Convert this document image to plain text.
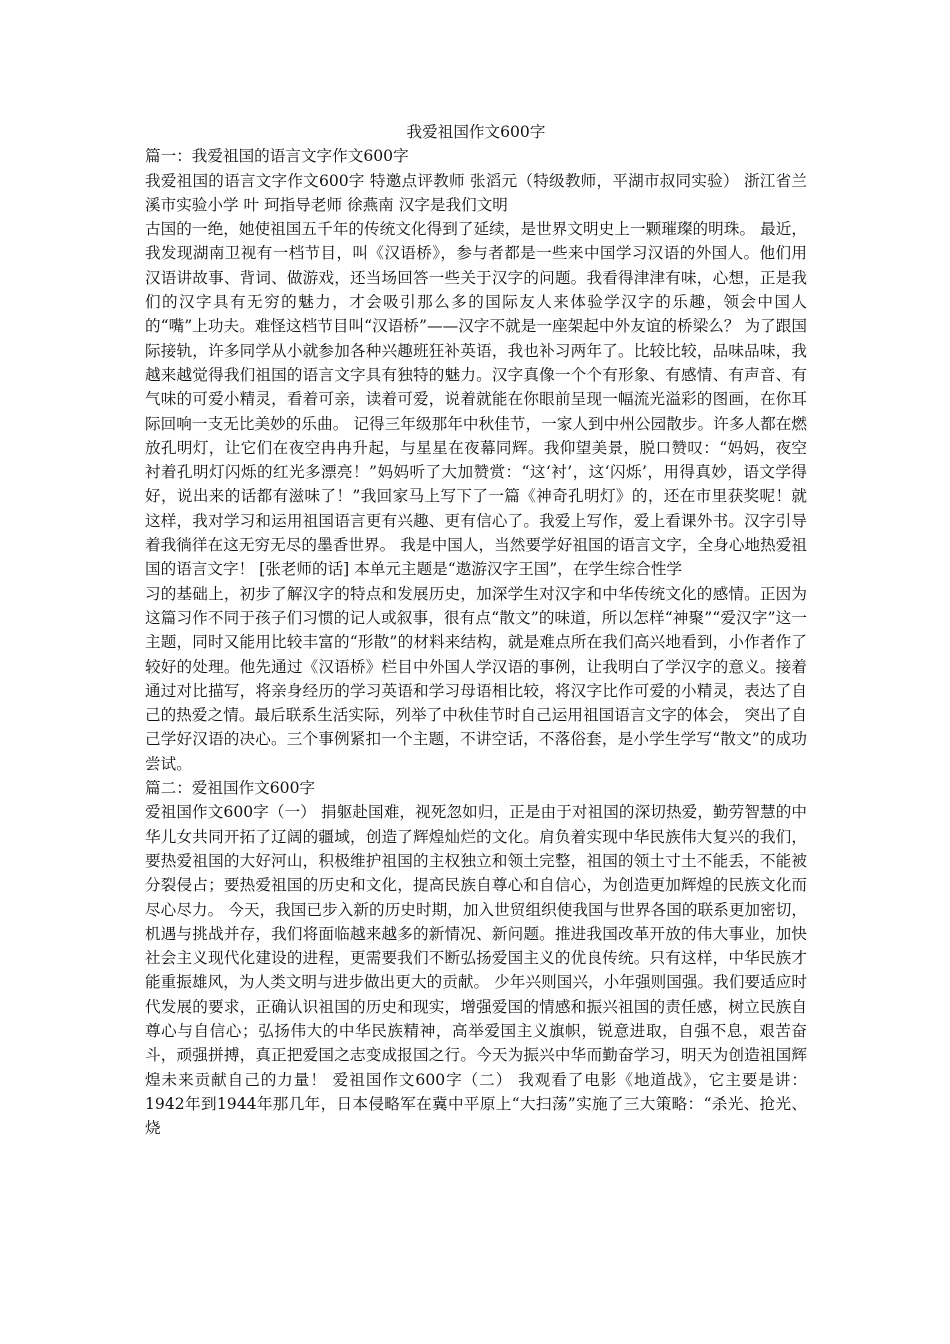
我爱祖国作文600字

篇一：我爱祖国的语言文字作文600字

我爱祖国的语言文字作文600字 特邀点评教师 张滔元（特级教师，平湖市叔同实验） 浙江省兰溪市实验小学 叶 珂指导老师 徐燕南 汉字是我们文明

古国的一绝，她使祖国五千年的传统文化得到了延续，是世界文明史上一颗璀璨的明珠。 最近，我发现湖南卫视有一档节目，叫《汉语桥》，参与者都是一些来中国学习汉语的外国人。他们用汉语讲故事、背词、做游戏，还当场回答一些关于汉字的问题。我看得津津有味，心想，正是我们的汉字具有无穷的魅力，才会吸引那么多的国际友人来体验学汉字的乐趣，领会中国人的“嘴”上功夫。难怪这档节目叫“汉语桥”——汉字不就是一座架起中外友谊的桥梁么？ 为了跟国际接轨，许多同学从小就参加各种兴趣班狂补英语，我也补习两年了。比较比较，品味品味，我越来越觉得我们祖国的语言文字具有独特的魅力。汉字真像一个个有形象、有感情、有声音、有气味的可爱小精灵，看着可亲，读着可爱，说着就能在你眼前呈现一幅流光溢彩的图画，在你耳际回响一支无比美妙的乐曲。 记得三年级那年中秋佳节，一家人到中州公园散步。许多人都在燃放孔明灯，让它们在夜空冉冉升起，与星星在夜幕同辉。我仰望美景，脱口赞叹：“妈妈，夜空衬着孔明灯闪烁的红光多漂亮！”妈妈听了大加赞赏：“这‘衬’，这‘闪烁’，用得真妙，语文学得好，说出来的话都有滋味了！”我回家马上写下了一篇《神奇孔明灯》的，还在市里获奖呢！就这样，我对学习和运用祖国语言更有兴趣、更有信心了。我爱上写作，爱上看课外书。汉字引导着我徜徉在这无穷无尽的墨香世界。 我是中国人，当然要学好祖国的语言文字，全身心地热爱祖国的语言文字！ [张老师的话] 本单元主题是“遨游汉字王国”，在学生综合性学

习的基础上，初步了解汉字的特点和发展历史，加深学生对汉字和中华传统文化的感情。正因为这篇习作不同于孩子们习惯的记人或叙事，很有点“散文”的味道，所以怎样“神聚”“爱汉字”这一主题，同时又能用比较丰富的“形散”的材料来结构，就是难点所在我们高兴地看到，小作者作了较好的处理。他先通过《汉语桥》栏目中外国人学汉语的事例，让我明白了学汉字的意义。接着通过对比描写，将亲身经历的学习英语和学习母语相比较，将汉字比作可爱的小精灵，表达了自己的热爱之情。最后联系生活实际，列举了中秋佳节时自己运用祖国语言文字的体会， 突出了自己学好汉语的决心。三个事例紧扣一个主题，不讲空话，不落俗套，是小学生学写“散文”的成功尝试。

篇二：爱祖国作文600字

爱祖国作文600字（一） 捐躯赴国难，视死忽如归，正是由于对祖国的深切热爱，勤劳智慧的中华儿女共同开拓了辽阔的疆域，创造了辉煌灿烂的文化。肩负着实现中华民族伟大复兴的我们，要热爱祖国的大好河山，积极维护祖国的主权独立和领土完整，祖国的领土寸土不能丢，不能被分裂侵占；要热爱祖国的历史和文化，提高民族自尊心和自信心，为创造更加辉煌的民族文化而尽心尽力。 今天，我国已步入新的历史时期，加入世贸组织使我国与世界各国的联系更加密切，机遇与挑战并存，我们将面临越来越多的新情况、新问题。推进我国改革开放的伟大事业，加快社会主义现代化建设的进程，更需要我们不断弘扬爱国主义的优良传统。只有这样，中华民族才能重振雄风，为人类文明与进步做出更大的贡献。 少年兴则国兴，小年强则国强。我们要适应时代发展的要求，正确认识祖国的历史和现实，增强爱国的情感和振兴祖国的责任感，树立民族自尊心与自信心；弘扬伟大的中华民族精神，高举爱国主义旗帜，锐意进取，自强不息，艰苦奋斗，顽强拼搏，真正把爱国之志变成报国之行。今天为振兴中华而勤奋学习，明天为创造祖国辉煌未来贡献自己的力量！ 爱祖国作文600字（二） 我观看了电影《地道战》，它主要是讲：1942年到1944年那几年，日本侵略军在冀中平原上“大扫荡”实施了三大策略：“杀光、抢光、烧
